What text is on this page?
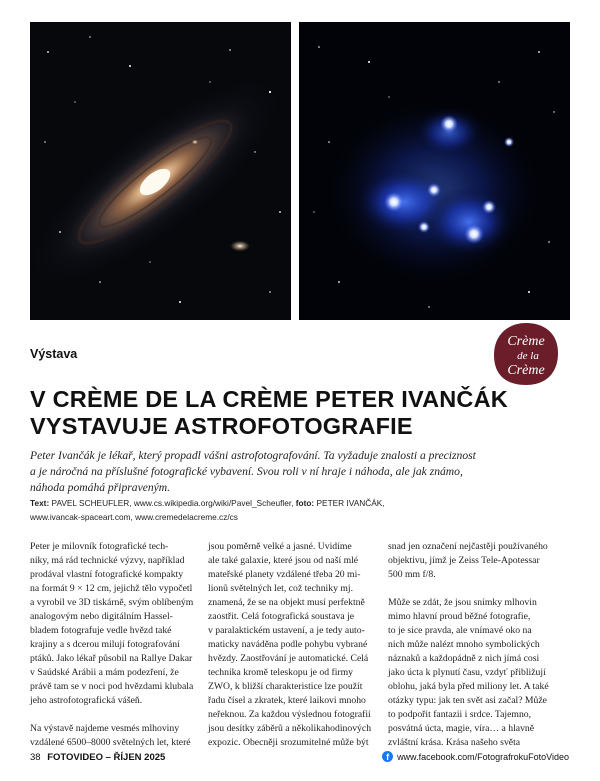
Výstava
Crème
de la
Crème
V CRÈME DE LA CRÈME PETER IVANČÁK
VYSTAVUJE ASTROFOTOGRAFIE
Peter Ivančák je lékař, který propadl vášni astrofotografování. Ta vyžaduje znalosti a preciznost
a je náročná na příslušné fotografické vybavení. Svou roli v ní hraje i náhoda, ale jak známo,
náhoda pomáhá připraveným.
Text: PAVEL SCHEUFLER, www.cs.wikipedia.org/wiki/Pavel_Scheufler, foto: PETER IVANČÁK,
www.ivancak-spaceart.com, www.cremedelacreme.cz/cs

Peter je milovník fotografické tech-
niky, má rád technické výzvy, například
prodával vlastní fotografické kompakty
na formát 9 × 12 cm, jejichž tělo vypočetl
a vyrobil ve 3D tiskárně, svým oblíbeným
analogovým nebo digitálním Hassel-
bladem fotografuje vedle hvězd také
krajiny a s dcerou milují fotografování
ptáků. Jako lékař působil na Rallye Dakar
v Saúdské Arábii a mám podezření, že
právě tam se v noci pod hvězdami klubala
jeho astrofotografická vášeň.

Na výstavě najdeme vesmés mlhoviny
vzdálené 6500–8000 světelných let, které

jsou poměrně velké a jasné. Uvidíme
ale také galaxie, které jsou od naší mlé
mateřské planety vzdálené třeba 20 mi-
lionů světelných let, což techniky mj.
znamená, že se na objekt musí perfektně
zaostřit. Celá fotografická soustava je
v paralaktickém ustavení, a je tedy auto-
maticky naváděna podle pohybu vybrané
hvězdy. Zaostřování je automatické. Celá
technika kromě teleskopu je od firmy
ZWO, k bližší charakteristice lze použít
řadu čísel a zkratek, které laikovi mnoho
neřeknou. Za každou výslednou fotografií
jsou desítky záběrů a několikahodinových
expozic. Obecněji srozumitelné může být

snad jen označení nejčastěji používaného
objektivu, jímž je Zeiss Tele-Apotessar
500 mm f/8.

Může se zdát, že jsou snímky mlhovin
mimo hlavní proud běžné fotografie,
to je sice pravda, ale vnímavé oko na
nich může nalézt mnoho symbolických
náznaků a každopádně z nich jímá cosi
jako úcta k plynutí času, vzdyť přibližují
oblohu, jaká byla před miliony let. A také
otázky typu: jak ten svět asi začal? Může
to podpořit fantazii i srdce. Tajemno,
posvátná úcta, magie, víra… a hlavně
zvláštní krása. Krása našeho světa

38 FOTOVIDEO – ŘÍJEN 2025	f www.facebook.com/FotografrokuFotoVideo
